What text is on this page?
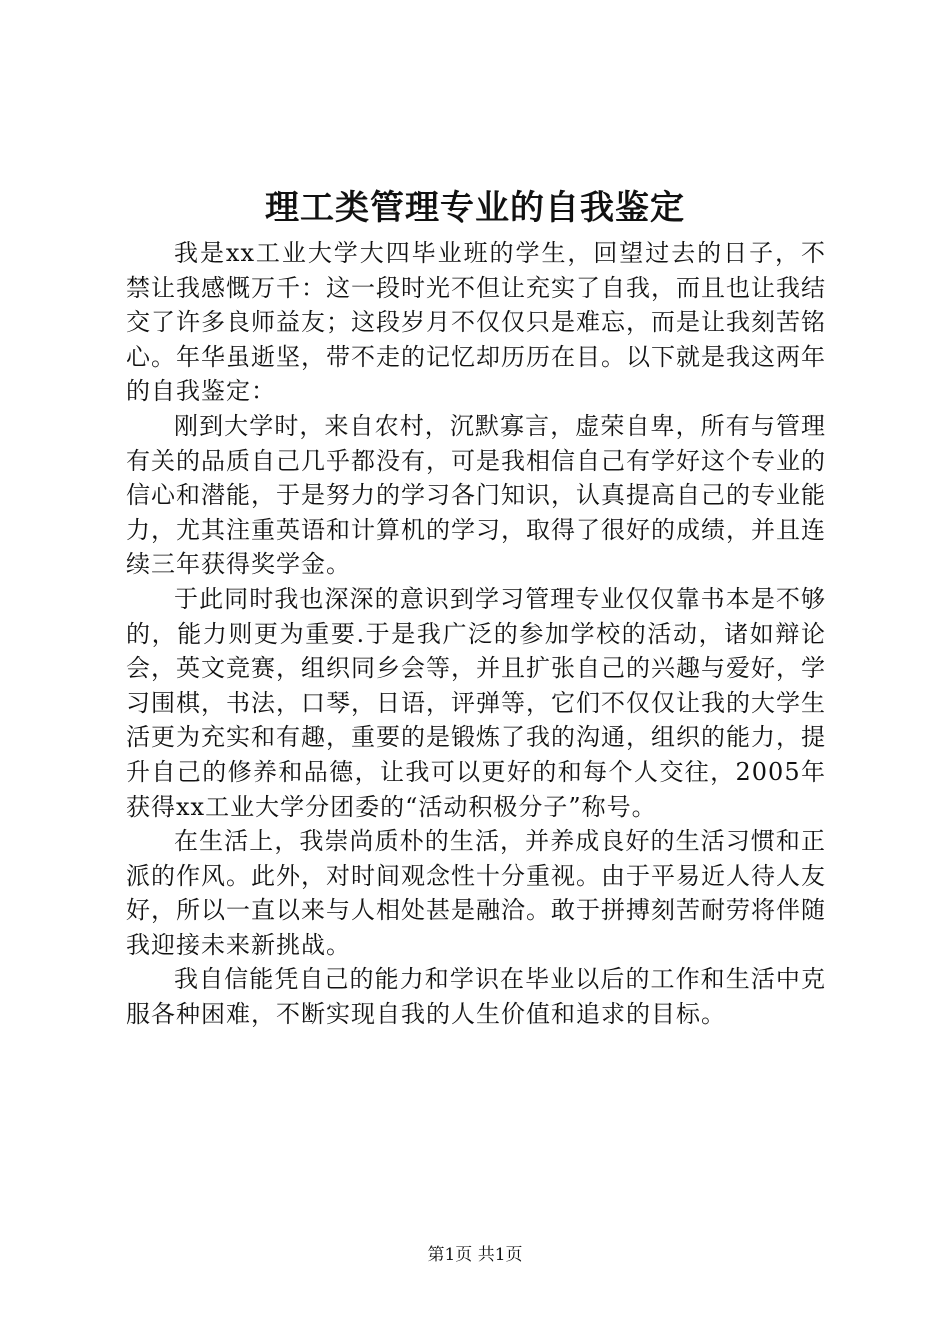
理工类管理专业的自我鉴定

我是xx工业大学大四毕业班的学生，回望过去的日子，不禁让我感慨万千：这一段时光不但让充实了自我，而且也让我结交了许多良师益友；这段岁月不仅仅只是难忘，而是让我刻苦铭心。年华虽逝坚，带不走的记忆却历历在目。以下就是我这两年的自我鉴定：

刚到大学时，来自农村，沉默寡言，虚荣自卑，所有与管理有关的品质自己几乎都没有，可是我相信自己有学好这个专业的信心和潜能，于是努力的学习各门知识，认真提高自己的专业能力，尤其注重英语和计算机的学习，取得了很好的成绩，并且连续三年获得奖学金。

于此同时我也深深的意识到学习管理专业仅仅靠书本是不够的，能力则更为重要.于是我广泛的参加学校的活动，诸如辩论会，英文竞赛，组织同乡会等，并且扩张自己的兴趣与爱好，学习围棋，书法，口琴，日语，评弹等，它们不仅仅让我的大学生活更为充实和有趣，重要的是锻炼了我的沟通，组织的能力，提升自己的修养和品德，让我可以更好的和每个人交往，2005年获得xx工业大学分团委的“活动积极分子”称号。

在生活上，我崇尚质朴的生活，并养成良好的生活习惯和正派的作风。此外，对时间观念性十分重视。由于平易近人待人友好，所以一直以来与人相处甚是融洽。敢于拼搏刻苦耐劳将伴随我迎接未来新挑战。

我自信能凭自己的能力和学识在毕业以后的工作和生活中克服各种困难，不断实现自我的人生价值和追求的目标。

第1页 共1页
